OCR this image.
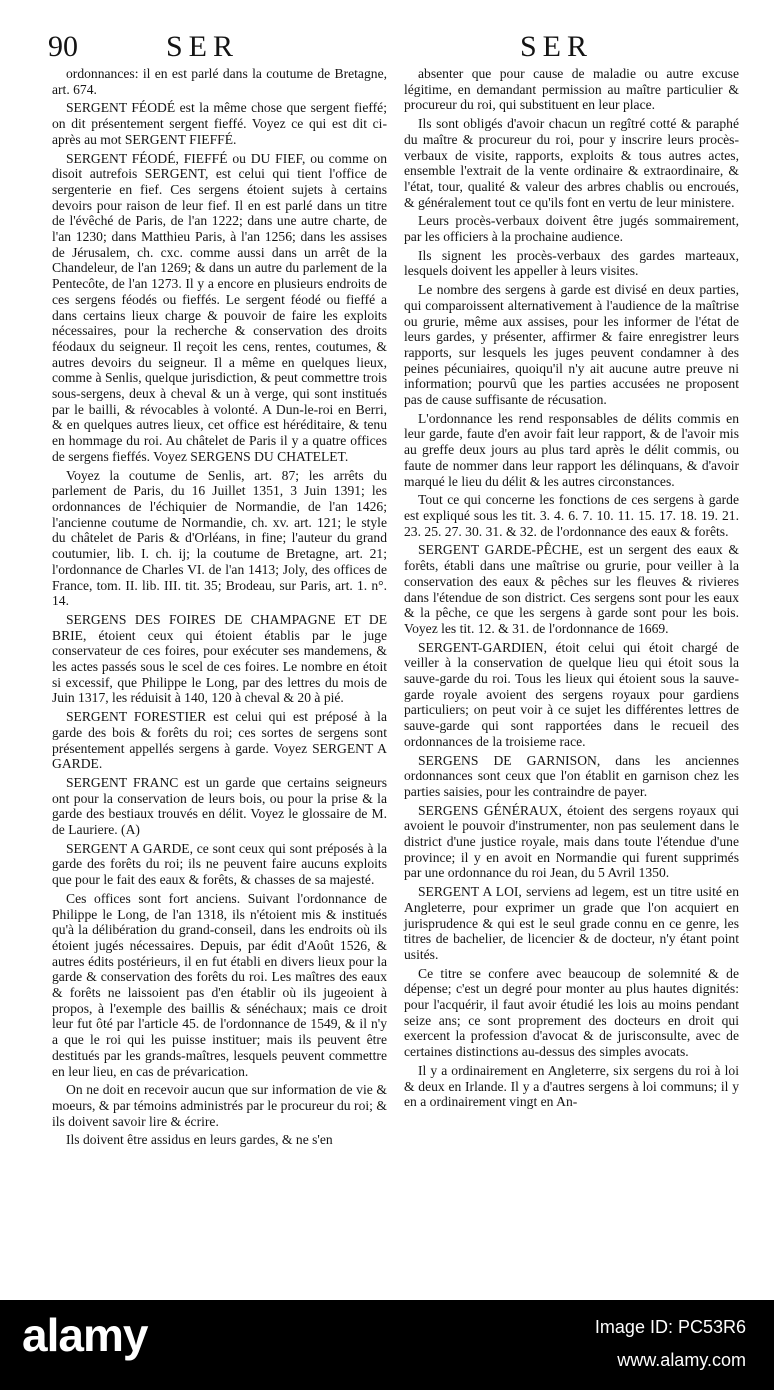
90	SER	SER

ordonnances: il en est parlé dans la coutume de Bretagne, art. 674.

SERGENT FÉODÉ est la même chose que sergent fieffé; on dit présentement sergent fieffé. Voyez ce qui est dit ci-après au mot SERGENT FIEFFÉ.

SERGENT FÉODÉ, FIEFFÉ ou DU FIEF, ou comme on disoit autrefois SERGENT, est celui qui tient l'office de sergenterie en fief. Ces sergens étoient sujets à certains devoirs pour raison de leur fief. Il en est parlé dans un titre de l'évêché de Paris, de l'an 1222; dans une autre charte, de l'an 1230; dans Matthieu Paris, à l'an 1256; dans les assises de Jérusalem, ch. cxc. comme aussi dans un arrêt de la Chandeleur, de l'an 1269; & dans un autre du parlement de la Pentecôte, de l'an 1273. Il y a encore en plusieurs endroits de ces sergens féodés ou fieffés. Le sergent féodé ou fieffé a dans certains lieux charge & pouvoir de faire les exploits nécessaires, pour la recherche & conservation des droits féodaux du seigneur. Il reçoit les cens, rentes, coutumes, & autres devoirs du seigneur. Il a même en quelques lieux, comme à Senlis, quelque jurisdiction, & peut commettre trois sous-sergens, deux à cheval & un à verge, qui sont institués par le bailli, & révocables à volonté. A Dun-le-roi en Berri, & en quelques autres lieux, cet office est héréditaire, & tenu en hommage du roi. Au châtelet de Paris il y a quatre offices de sergens fieffés. Voyez SERGENS DU CHATELET.

Voyez la coutume de Senlis, art. 87; les arrêts du parlement de Paris, du 16 Juillet 1351, 3 Juin 1391; les ordonnances de l'échiquier de Normandie, de l'an 1426; l'ancienne coutume de Normandie, ch. xv. art. 121; le style du châtelet de Paris & d'Orléans, in fine; l'auteur du grand coutumier, lib. I. ch. ij; la coutume de Bretagne, art. 21; l'ordonnance de Charles VI. de l'an 1413; Joly, des offices de France, tom. II. lib. III. tit. 35; Brodeau, sur Paris, art. 1. n°. 14.

SERGENS DES FOIRES DE CHAMPAGNE ET DE BRIE, étoient ceux qui étoient établis par le juge conservateur de ces foires, pour exécuter ses mandemens, & les actes passés sous le scel de ces foires. Le nombre en étoit si excessif, que Philippe le Long, par des lettres du mois de Juin 1317, les réduisit à 140, 120 à cheval & 20 à pié.

SERGENT FORESTIER est celui qui est préposé à la garde des bois & forêts du roi; ces sortes de sergens sont présentement appellés sergens à garde. Voyez SERGENT A GARDE.

SERGENT FRANC est un garde que certains seigneurs ont pour la conservation de leurs bois, ou pour la prise & la garde des bestiaux trouvés en délit. Voyez le glossaire de M. de Lauriere. (A)

SERGENT A GARDE, ce sont ceux qui sont préposés à la garde des forêts du roi; ils ne peuvent faire aucuns exploits que pour le fait des eaux & forêts, & chasses de sa majesté.

Ces offices sont fort anciens. Suivant l'ordonnance de Philippe le Long, de l'an 1318, ils n'étoient mis & institués qu'à la délibération du grand-conseil, dans les endroits où ils étoient jugés nécessaires. Depuis, par édit d'Août 1526, & autres édits postérieurs, il en fut établi en divers lieux pour la garde & conservation des forêts du roi. Les maîtres des eaux & forêts ne laissoient pas d'en établir où ils jugeoient à propos, à l'exemple des baillis & sénéchaux; mais ce droit leur fut ôté par l'article 45. de l'ordonnance de 1549, & il n'y a que le roi qui les puisse instituer; mais ils peuvent être destitués par les grands-maîtres, lesquels peuvent commettre en leur lieu, en cas de prévarication.

On ne doit en recevoir aucun que sur information de vie & moeurs, & par témoins administrés par le procureur du roi; & ils doivent savoir lire & écrire.

Ils doivent être assidus en leurs gardes, & ne s'en

absenter que pour cause de maladie ou autre excuse légitime, en demandant permission au maître particulier & procureur du roi, qui substituent en leur place.

Ils sont obligés d'avoir chacun un regîtré cotté & paraphé du maître & procureur du roi, pour y inscrire leurs procès-verbaux de visite, rapports, exploits & tous autres actes, ensemble l'extrait de la vente ordinaire & extraordinaire, & l'état, tour, qualité & valeur des arbres chablis ou encroués, & généralement tout ce qu'ils font en vertu de leur ministere.

Leurs procès-verbaux doivent être jugés sommairement, par les officiers à la prochaine audience.

Ils signent les procès-verbaux des gardes marteaux, lesquels doivent les appeller à leurs visites.

Le nombre des sergens à garde est divisé en deux parties, qui comparoissent alternativement à l'audience de la maîtrise ou grurie, même aux assises, pour les informer de l'état de leurs gardes, y présenter, affirmer & faire enregistrer leurs rapports, sur lesquels les juges peuvent condamner à des peines pécuniaires, quoiqu'il n'y ait aucune autre preuve ni information; pourvû que les parties accusées ne proposent pas de cause suffisante de récusation.

L'ordonnance les rend responsables de délits commis en leur garde, faute d'en avoir fait leur rapport, & de l'avoir mis au greffe deux jours au plus tard après le délit commis, ou faute de nommer dans leur rapport les délinquans, & d'avoir marqué le lieu du délit & les autres circonstances.

Tout ce qui concerne les fonctions de ces sergens à garde est expliqué sous les tit. 3. 4. 6. 7. 10. 11. 15. 17. 18. 19. 21. 23. 25. 27. 30. 31. & 32. de l'ordonnance des eaux & forêts.

SERGENT GARDE-PÊCHE, est un sergent des eaux & forêts, établi dans une maîtrise ou grurie, pour veiller à la conservation des eaux & pêches sur les fleuves & rivieres dans l'étendue de son district. Ces sergens sont pour les eaux & la pêche, ce que les sergens à garde sont pour les bois. Voyez les tit. 12. & 31. de l'ordonnance de 1669.

SERGENT-GARDIEN, étoit celui qui étoit chargé de veiller à la conservation de quelque lieu qui étoit sous la sauve-garde du roi. Tous les lieux qui étoient sous la sauve-garde royale avoient des sergens royaux pour gardiens particuliers; on peut voir à ce sujet les différentes lettres de sauve-garde qui sont rapportées dans le recueil des ordonnances de la troisieme race.

SERGENS DE GARNISON, dans les anciennes ordonnances sont ceux que l'on établit en garnison chez les parties saisies, pour les contraindre de payer.

SERGENS GÉNÉRAUX, étoient des sergens royaux qui avoient le pouvoir d'instrumenter, non pas seulement dans le district d'une justice royale, mais dans toute l'étendue d'une province; il y en avoit en Normandie qui furent supprimés par une ordonnance du roi Jean, du 5 Avril 1350.

SERGENT A LOI, serviens ad legem, est un titre usité en Angleterre, pour exprimer un grade que l'on acquiert en jurisprudence & qui est le seul grade connu en ce genre, les titres de bachelier, de licencier & de docteur, n'y étant point usités.

Ce titre se confere avec beaucoup de solemnité & de dépense; c'est un degré pour monter au plus hautes dignités: pour l'acquérir, il faut avoir étudié les lois au moins pendant seize ans; ce sont proprement des docteurs en droit qui exercent la profession d'avocat & de jurisconsulte, avec de certaines distinctions au-dessus des simples avocats.

Il y a ordinairement en Angleterre, six sergens du roi à loi & deux en Irlande. Il y a d'autres sergens à loi communs; il y en a ordinairement vingt en An-

alamy	Image ID: PC53R6
www.alamy.com
